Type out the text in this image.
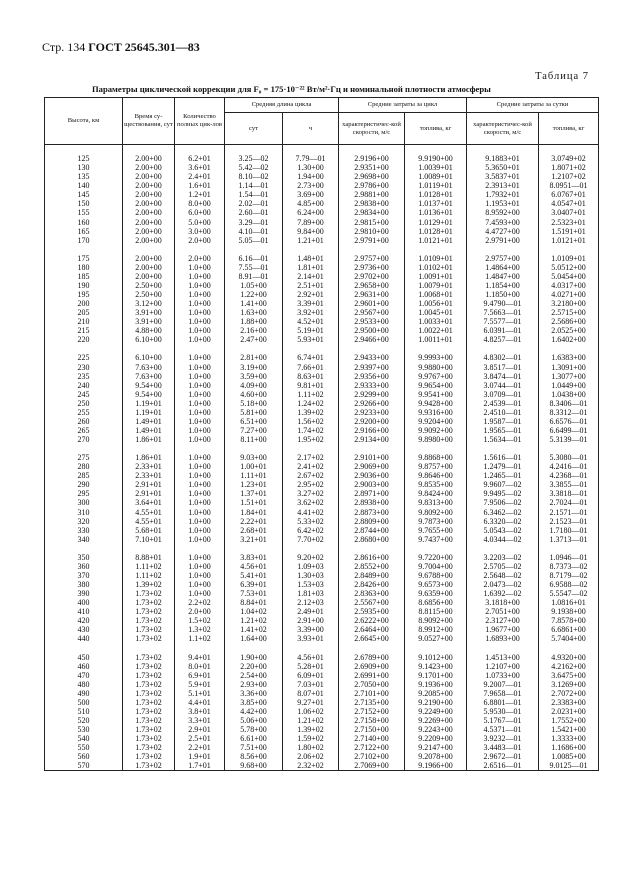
Стр. 134 ГОСТ 25645.301—83
Таблица 7
Параметры циклической коррекции для F₀ = 175·10⁻²² Вт/м²·Гц и номинальной плотности атмосферы
Высота, км	Время су-ществования, сут	Количество полных цик-лов	Средняя длина цикла		Средние затраты за цикл		Средние затраты за сутки	
			сут	ч	характеристичес-кой скорости, м/с	топлива, кг	характеристичес-кой скорости, м/с	топлива, кг

125	2.00+00	6.2+01	3.25—02	7.79—01	2.9196+00	9.9190+00	9.1883+01	3.0749+02
130	2.00+00	3.6+01	5.42—02	1.30+00	2.9351+00	1.0039+01	5.3650+01	1.8071+02
135	2.00+00	2.4+01	8.10—02	1.94+00	2.9698+00	1.0089+01	3.5837+01	1.2107+02
140	2.00+00	1.6+01	1.14—01	2.73+00	2.9786+00	1.0119+01	2.3913+01	8.0951—01
145	2.00+00	1.2+01	1.54—01	3.69+00	2.9881+00	1.0128+01	1.7932+01	6.0767+01
150	2.00+00	8.0+00	2.02—01	4.85+00	2.9838+00	1.0137+01	1.1953+01	4.0547+01
155	2.00+00	6.0+00	2.60—01	6.24+00	2.9834+00	1.0136+01	8.9592+00	3.0407+01
160	2.00+00	5.0+00	3.29—01	7.89+00	2.9815+00	1.0129+01	7.4593+00	2.5323+01
165	2.00+00	3.0+00	4.10—01	9.84+00	2.9810+00	1.0128+01	4.4727+00	1.5191+01
170	2.00+00	2.0+00	5.05—01	1.21+01	2.9791+00	1.0121+01	2.9791+00	1.0121+01

175	2.00+00	2.0+00	6.16—01	1.48+01	2.9757+00	1.0109+01	2.9757+00	1.0109+01
180	2.00+00	1.0+00	7.55—01	1.81+01	2.9736+00	1.0102+01	1.4864+00	5.0512+00
185	2.00+00	1.0+00	8.91—01	2.14+01	2.9702+00	1.0091+01	1.4847+00	5.0454+00
190	2.50+00	1.0+00	1.05+00	2.51+01	2.9658+00	1.0079+01	1.1854+00	4.0317+00
195	2.50+00	1.0+00	1.22+00	2.92+01	2.9631+00	1.0068+01	1.1850+00	4.0271+00
200	3.12+00	1.0+00	1.41+00	3.39+01	2.9601+00	1.0056+01	9.4790—01	3.2180+00
205	3.91+00	1.0+00	1.63+00	3.92+01	2.9567+00	1.0045+01	7.5663—01	2.5715+00
210	3.91+00	1.0+00	1.88+00	4.52+01	2.9533+00	1.0033+01	7.5577—01	2.5686+00
215	4.88+00	1.0+00	2.16+00	5.19+01	2.9500+00	1.0022+01	6.0391—01	2.0525+00
220	6.10+00	1.0+00	2.47+00	5.93+01	2.9466+00	1.0011+01	4.8257—01	1.6402+00

225	6.10+00	1.0+00	2.81+00	6.74+01	2.9433+00	9.9993+00	4.8302—01	1.6383+00
230	7.63+00	1.0+00	3.19+00	7.66+01	2.9397+00	9.9880+00	3.8517—01	1.3091+00
235	7.63+00	1.0+00	3.59+00	8.63+01	2.9356+00	9.9767+00	3.8474—01	1.3077+00
240	9.54+00	1.0+00	4.09+00	9.81+01	2.9333+00	9.9654+00	3.0744—01	1.0449+00
245	9.54+00	1.0+00	4.60+00	1.11+02	2.9299+00	9.9541+00	3.0709—01	1.0438+00
250	1.19+01	1.0+00	5.18+00	1.24+02	2.9266+00	9.9428+00	2.4539—01	8.3406—01
255	1.19+01	1.0+00	5.81+00	1.39+02	2.9233+00	9.9316+00	2.4510—01	8.3312—01
260	1.49+01	1.0+00	6.51+00	1.56+02	2.9200+00	9.9204+00	1.9587—01	6.6576—01
265	1.49+01	1.0+00	7.27+00	1.74+02	2.9166+00	9.9092+00	1.9565—01	6.6499—01
270	1.86+01	1.0+00	8.11+00	1.95+02	2.9134+00	9.8980+00	1.5634—01	5.3139—01

275	1.86+01	1.0+00	9.03+00	2.17+02	2.9101+00	9.8868+00	1.5616—01	5.3080—01
280	2.33+01	1.0+00	1.00+01	2.41+02	2.9069+00	9.8757+00	1.2479—01	4.2416—01
285	2.33+01	1.0+00	1.11+01	2.67+02	2.9036+00	9.8646+00	1.2465—01	4.2368—01
290	2.91+01	1.0+00	1.23+01	2.95+02	2.9003+00	9.8535+00	9.9607—02	3.3855—01
295	2.91+01	1.0+00	1.37+01	3.27+02	2.8971+00	9.8424+00	9.9495—02	3.3818—01
300	3.64+01	1.0+00	1.51+01	3.62+02	2.8938+00	9.8313+00	7.9506—02	2.7024—01
310	4.55+01	1.0+00	1.84+01	4.41+02	2.8873+00	9.8092+00	6.3462—02	2.1571—01
320	4.55+01	1.0+00	2.22+01	5.33+02	2.8809+00	9.7873+00	6.3320—02	2.1523—01
330	5.68+01	1.0+00	2.68+01	6.42+02	2.8744+00	9.7655+00	5.0543—02	1.7180—01
340	7.10+01	1.0+00	3.21+01	7.70+02	2.8680+00	9.7437+00	4.0344—02	1.3713—01

350	8.88+01	1.0+00	3.83+01	9.20+02	2.8616+00	9.7220+00	3.2203—02	1.0946—01
360	1.11+02	1.0+00	4.56+01	1.09+03	2.8552+00	9.7004+00	2.5705—02	8.7373—02
370	1.11+02	1.0+00	5.41+01	1.30+03	2.8489+00	9.6788+00	2.5648—02	8.7179—02
380	1.39+02	1.0+00	6.39+01	1.53+03	2.8426+00	9.6573+00	2.0473—02	6.9588—02
390	1.73+02	1.0+00	7.53+01	1.81+03	2.8363+00	9.6359+00	1.6392—02	5.5547—02
400	1.73+02	2.2+02	8.84+01	2.12+03	2.5567+00	8.6856+00	3.1818+00	1.0816+01
410	1.73+02	2.0+00	1.04+02	2.49+01	2.5935+00	8.8115+00	2.7051+00	9.1938+00
420	1.73+02	1.5+02	1.21+02	2.91+00	2.6222+00	8.9092+00	2.3127+00	7.8578+00
430	1.73+02	1.3+02	1.41+02	3.39+00	2.6464+00	8.9912+00	1.9677+00	6.6861+00
440	1.73+02	1.1+02	1.64+00	3.93+01	2.6645+00	9.0527+00	1.6893+00	5.7404+00

450	1.73+02	9.4+01	1.90+00	4.56+01	2.6789+00	9.1012+00	1.4513+00	4.9320+00
460	1.73+02	8.0+01	2.20+00	5.28+01	2.6909+00	9.1423+00	1.2107+00	4.2162+00
470	1.73+02	6.9+01	2.54+00	6.09+01	2.6991+00	9.1701+00	1.0733+00	3.6475+00
480	1.73+02	5.9+01	2.93+00	7.03+01	2.7050+00	9.1936+00	9.2007—01	3.1269+00
490	1.73+02	5.1+01	3.36+00	8.07+01	2.7101+00	9.2085+00	7.9658—01	2.7072+00
500	1.73+02	4.4+01	3.85+00	9.27+01	2.7135+00	9.2190+00	6.8801—01	2.3383+00
510	1.73+02	3.8+01	4.42+00	1.06+02	2.7152+00	9.2249+00	5.9530—01	2.0231+00
520	1.73+02	3.3+01	5.06+00	1.21+02	2.7158+00	9.2269+00	5.1767—01	1.7552+00
530	1.73+02	2.9+01	5.78+00	1.39+02	2.7150+00	9.2243+00	4.5371—01	1.5421+00
540	1.73+02	2.5+01	6.61+00	1.59+02	2.7140+00	9.2209+00	3.9232—01	1.3333+00
550	1.73+02	2.2+01	7.51+00	1.80+02	2.7122+00	9.2147+00	3.4483—01	1.1686+00
560	1.73+02	1.9+01	8.56+00	2.06+02	2.7102+00	9.2078+00	2.9672—01	1.0085+00
570	1.73+02	1.7+01	9.68+00	2.32+02	2.7069+00	9.1966+00	2.6516—01	9.0125—01
